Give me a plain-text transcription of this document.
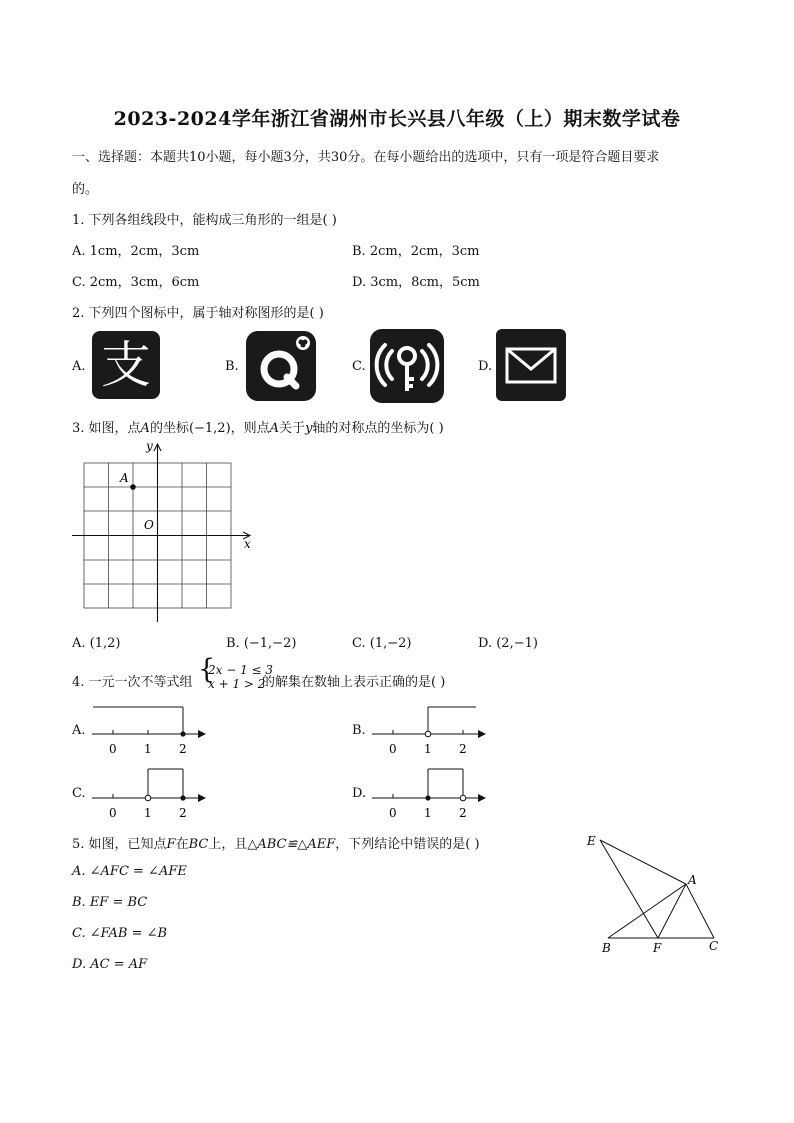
2023-2024学年浙江省湖州市长兴县八年级（上）期末数学试卷
一、选择题：本题共10小题，每小题3分，共30分。在每小题给出的选项中，只有一项是符合题目要求
的。
1. 下列各组线段中，能构成三角形的一组是( )
A. 1cm，2cm，3cm	B. 2cm，2cm，3cm
C. 2cm，3cm，6cm	D. 3cm，8cm，5cm
2. 下列四个图标中，属于轴对称图形的是( )
A. 支	B.	C.	D.
3. 如图，点A的坐标(−1,2)，则点A关于y轴的对称点的坐标为( )
A
O
x
y
A. (1,2)	B. (−1,−2)	C. (1,−2)	D. (2,−1)
4. 一元一次不等式组 {
2x − 1 ≤ 3
x + 1 > 2
的解集在数轴上表示正确的是( )
A.
0 1 2
B.
0 1 2
C.
0 1 2
D.
0 1 2
5. 如图，已知点F在BC上，且△ABC≌△AEF，下列结论中错误的是( )
A. ∠AFC = ∠AFE
B. EF = BC
C. ∠FAB = ∠B
D. AC = AF
E
A
B	F	C
